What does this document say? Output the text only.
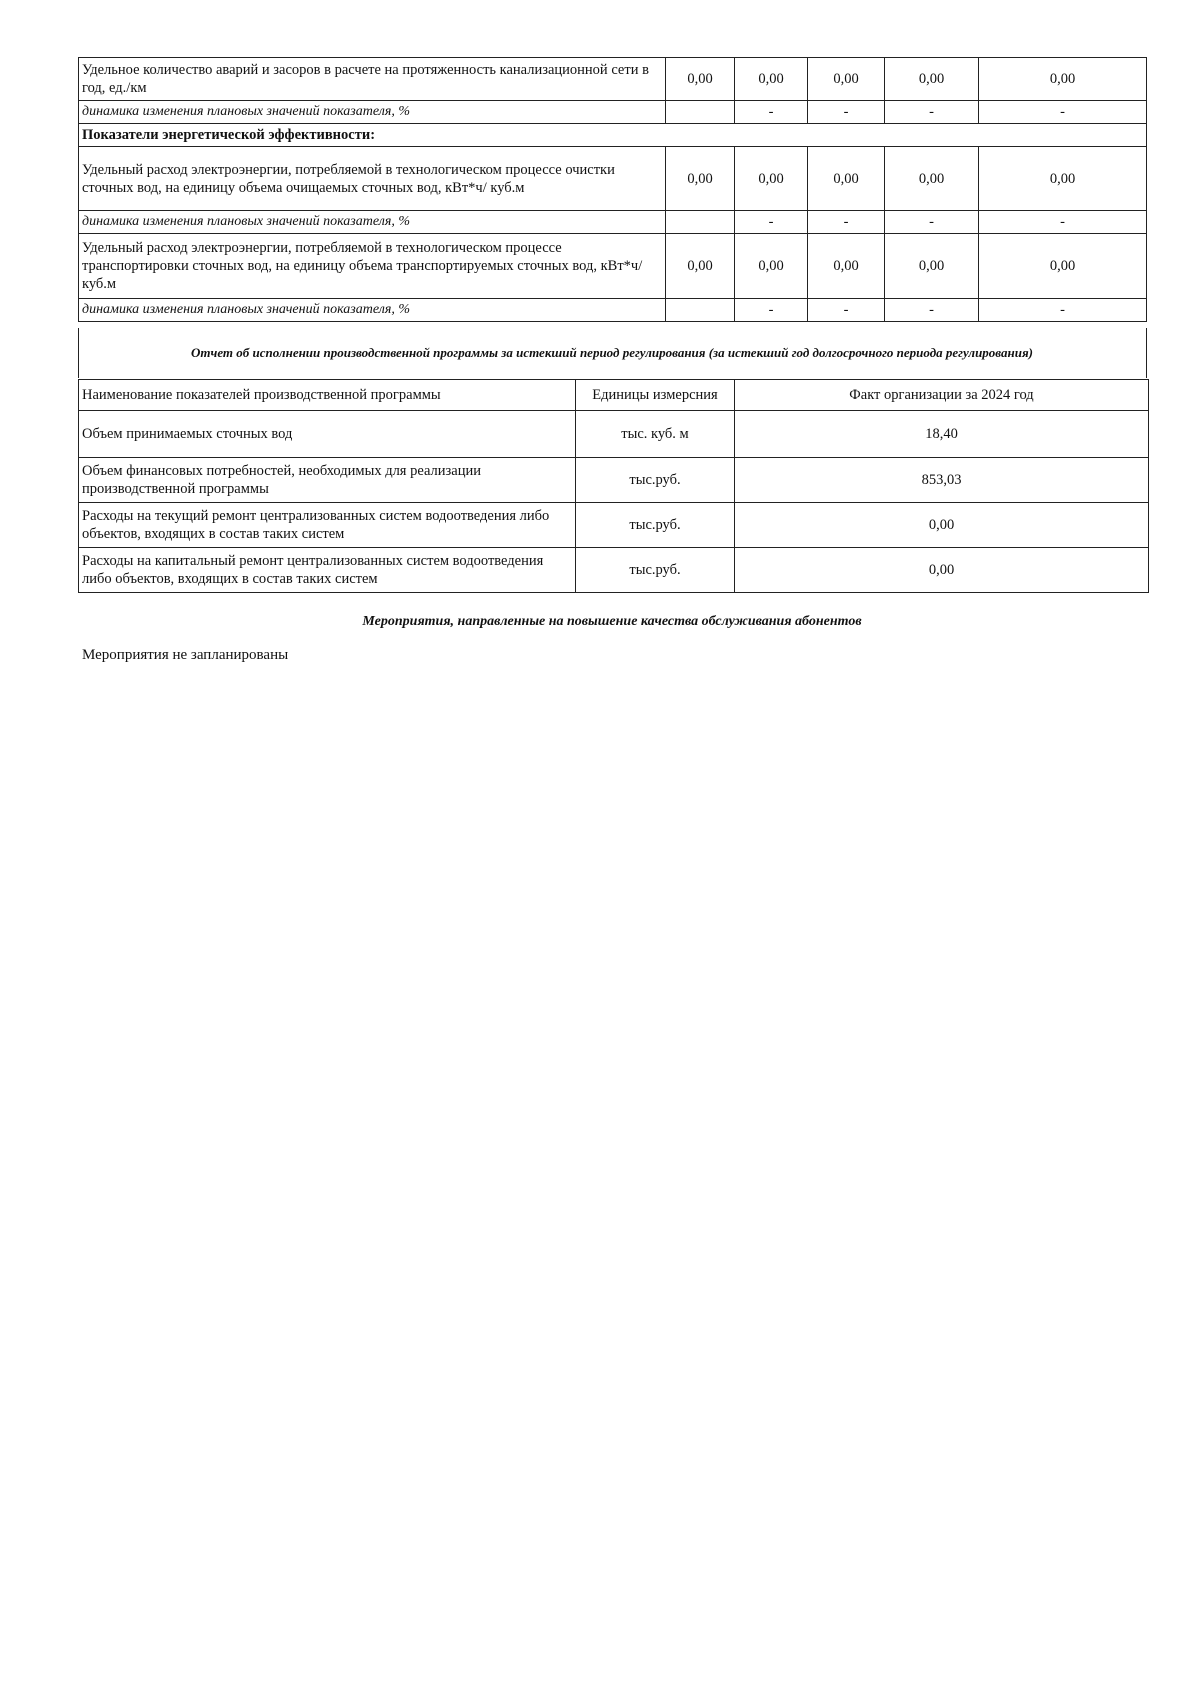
Удельное количество аварий и засоров в расчете на протяженность канализационной сети в год, ед./км	0,00	0,00	0,00	0,00	0,00
динамика изменения плановых значений показателя, %		-	-	-	-
Показатели энергетической эффективности:					
Удельный расход электроэнергии, потребляемой в технологическом процессе очистки сточных вод, на единицу объема очищаемых сточных вод, кВт*ч/ куб.м	0,00	0,00	0,00	0,00	0,00
динамика изменения плановых значений показателя, %		-	-	-	-
Удельный расход электроэнергии, потребляемой в технологическом процессе транспортировки сточных вод, на единицу объема транспортируемых сточных вод, кВт*ч/ куб.м	0,00	0,00	0,00	0,00	0,00
динамика изменения плановых значений показателя, %		-	-	-	-
Отчет об исполнении производственной программы за истекший период регулирования (за истекший год долгосрочного периода регулирования)
Наименование показателей производственной программы	Единицы измерсния	Факт организации за 2024 год
Объем принимаемых сточных вод	тыс. куб. м	18,40
Объем финансовых потребностей, необходимых для реализации производственной программы	тыс.руб.	853,03
Расходы на текущий ремонт централизованных систем водоотведения либо объектов, входящих в состав таких систем	тыс.руб.	0,00
Расходы на капитальный ремонт централизованных систем водоотведения либо объектов, входящих в состав таких систем	тыс.руб.	0,00
Мероприятия, направленные на повышение качества обслуживания абонентов
Мероприятия не запланированы
